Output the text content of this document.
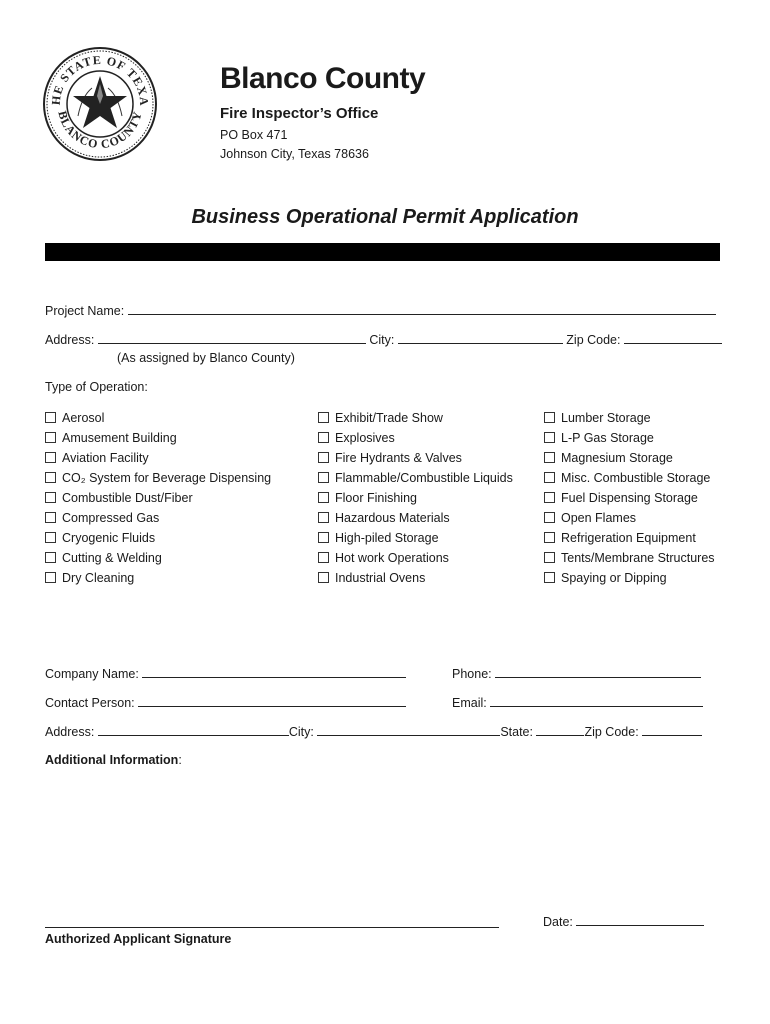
HE STATE OF TEXA
BLANCO COUNTY
Blanco County
Fire Inspector’s Office
PO Box 471
Johnson City, Texas 78636
Business Operational Permit Application
Project Name:
Address:	City:	Zip Code:
(As assigned by Blanco County)
Type of Operation:
Aerosol
Amusement Building
Aviation Facility
CO₂ System for Beverage Dispensing
Combustible Dust/Fiber
Compressed Gas
Cryogenic Fluids
Cutting & Welding
Dry Cleaning
Exhibit/Trade Show
Explosives
Fire Hydrants & Valves
Flammable/Combustible Liquids
Floor Finishing
Hazardous Materials
High-piled Storage
Hot work Operations
Industrial Ovens
Lumber Storage
L-P Gas Storage
Magnesium Storage
Misc. Combustible Storage
Fuel Dispensing Storage
Open Flames
Refrigeration Equipment
Tents/Membrane Structures
Spaying or Dipping
Company Name:	Phone:
Contact Person:	Email:
Address:	City:	State:	Zip Code:
Additional Information:
Authorized Applicant Signature
Date:
